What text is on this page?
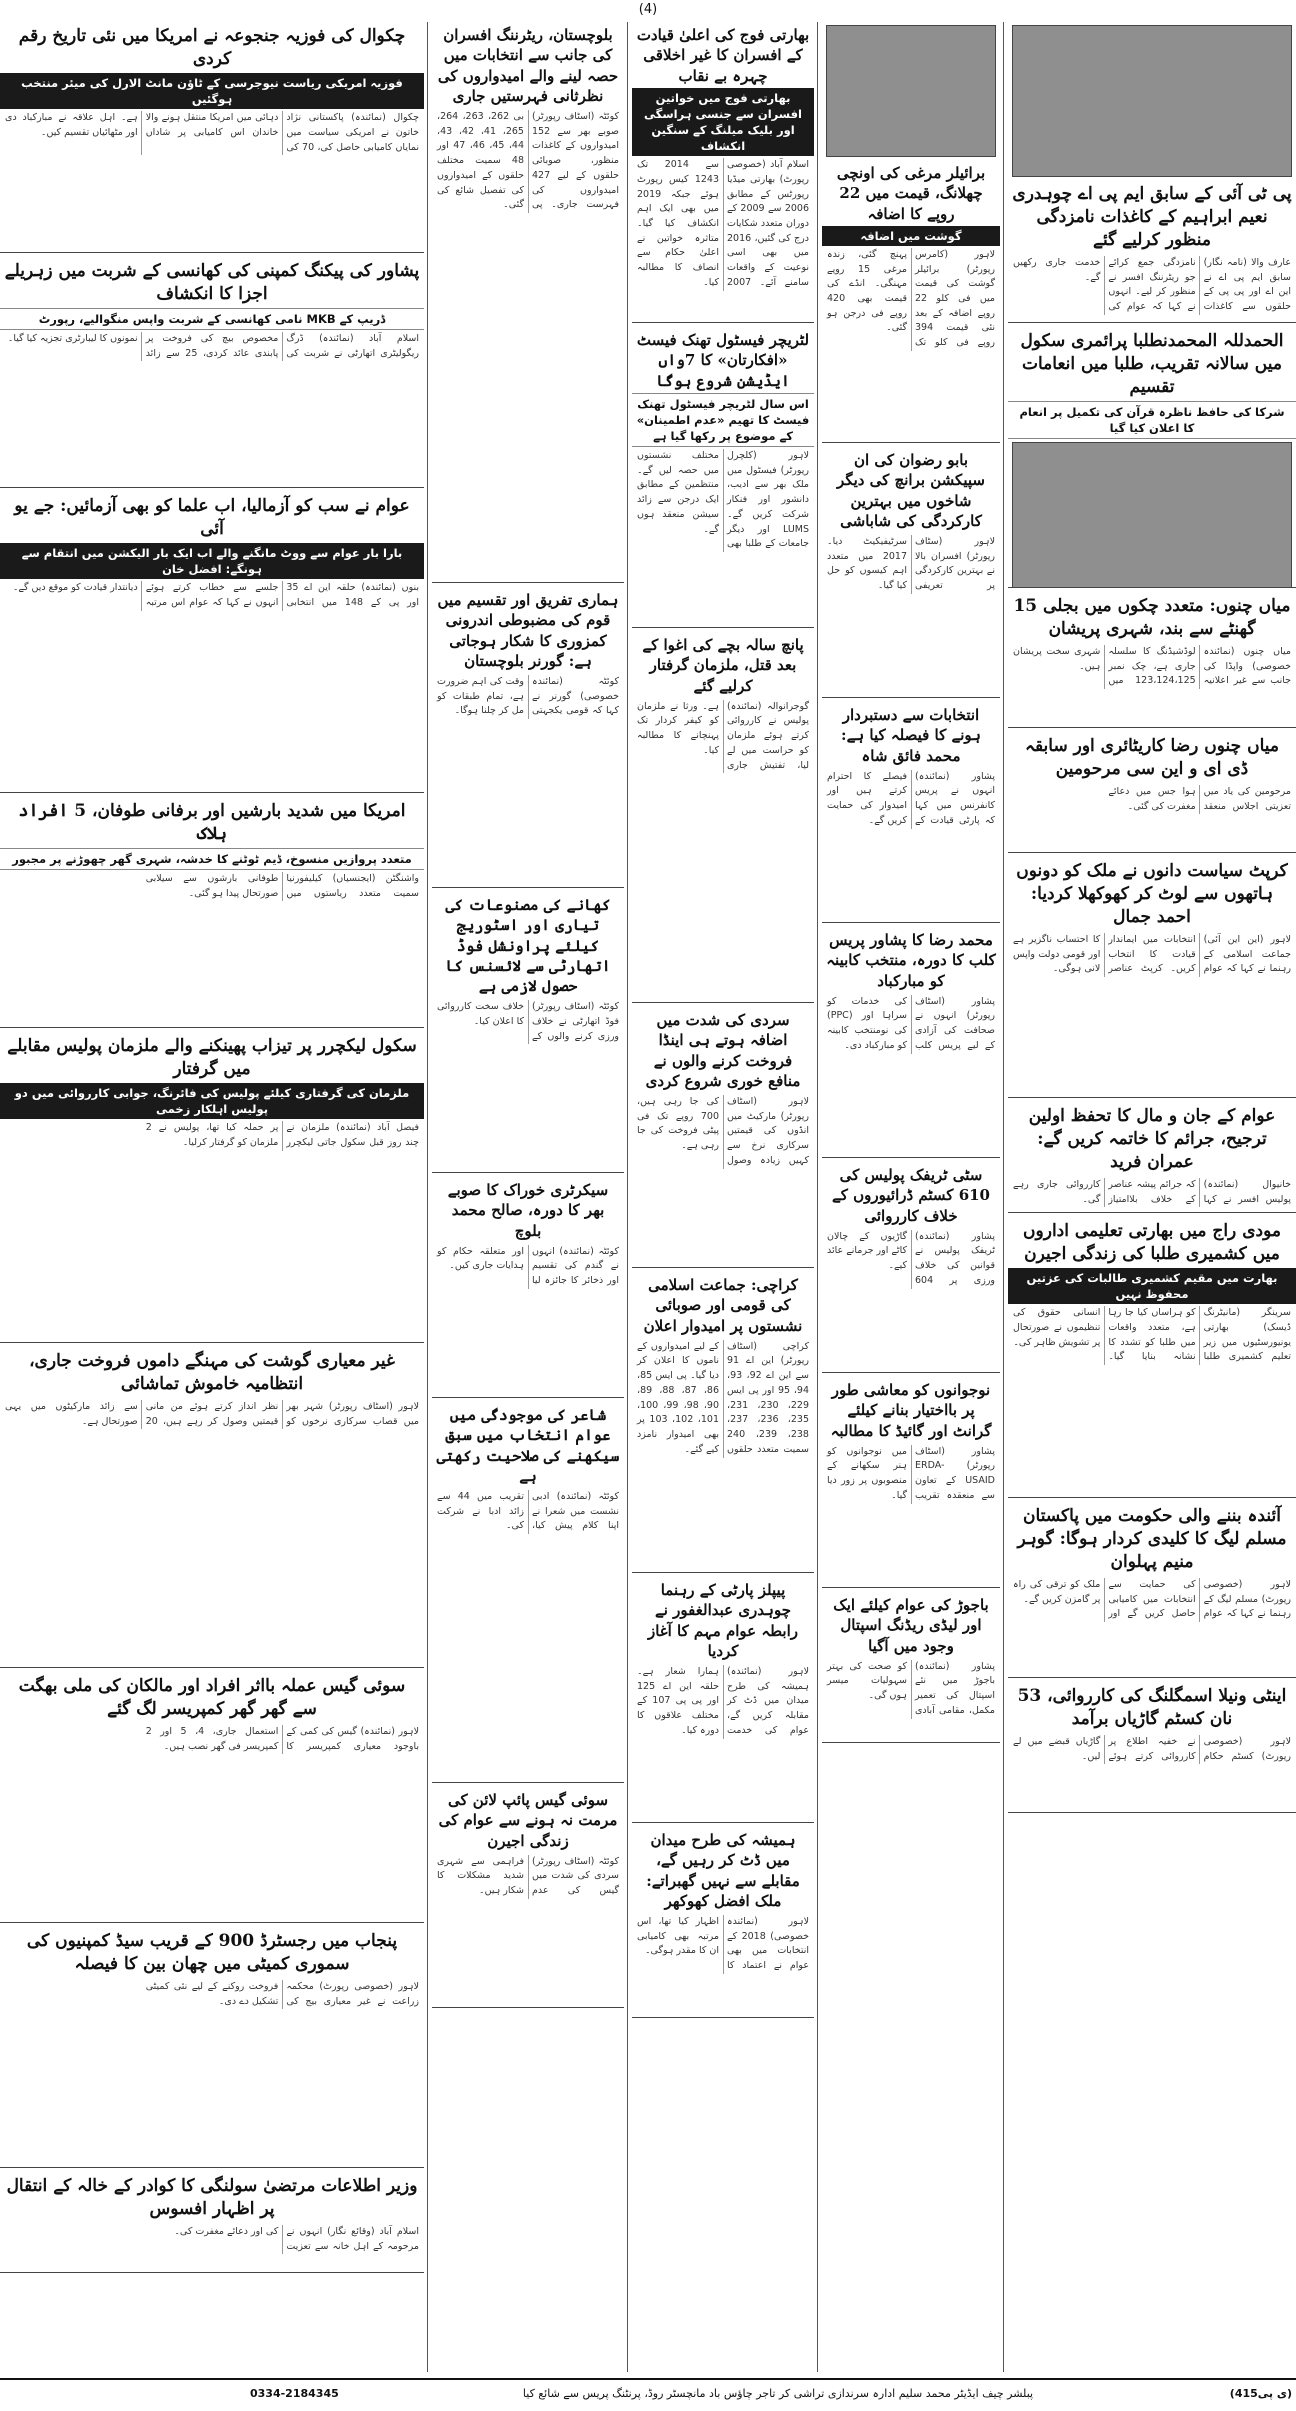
(4)
پی ٹی آئی کے سابق ایم پی اے چوہدری نعیم ابراہیم کے کاغذات نامزدگی منظور کرلیے گئے
عارف والا (نامہ نگار) سابق ایم پی اے نے این اے اور پی پی کے حلقوں سے کاغذات نامزدگی جمع کرائے جو ریٹرننگ افسر نے منظور کر لیے۔ انہوں نے کہا کہ عوام کی خدمت جاری رکھیں گے۔
الحمدللہ المحمدنطلبا پرائمری سکول میں سالانہ تقریب، طلبا میں انعامات تقسیم
شرکا کی حافظ ناظرہ قرآن کی تکمیل پر انعام کا اعلان کیا گیا
میاں چنوں: متعدد چکوں میں بجلی 15 گھنٹے سے بند، شہری پریشان
میاں چنوں (نمائندہ خصوصی) واپڈا کی جانب سے غیر اعلانیہ لوڈشیڈنگ کا سلسلہ جاری ہے، چک نمبر 123،124،125 میں شہری سخت پریشان ہیں۔
میاں چنوں رضا کاریٹائری اور سابقہ ڈی ای و این سی مرحومین
مرحومین کی یاد میں تعزیتی اجلاس منعقد ہوا جس میں دعائے مغفرت کی گئی۔
کرپٹ سیاست دانوں نے ملک کو دونوں ہاتھوں سے لوٹ کر کھوکھلا کردیا: احمد جمال
لاہور (این این آئی) جماعت اسلامی کے رہنما نے کہا کہ عوام انتخابات میں ایماندار قیادت کا انتخاب کریں۔ کرپٹ عناصر کا احتساب ناگزیر ہے اور قومی دولت واپس لانی ہوگی۔
عوام کے جان و مال کا تحفظ اولین ترجیح، جرائم کا خاتمہ کریں گے: عمران فرید
خانیوال (نمائندہ) پولیس افسر نے کہا کہ جرائم پیشہ عناصر کے خلاف بلاامتیاز کارروائی جاری رہے گی۔
مودی راج میں بھارتی تعلیمی اداروں میں کشمیری طلبا کی زندگی اجیرن
بھارت میں مقیم کشمیری طالبات کی عزتیں محفوظ نہیں
سرینگر (مانیٹرنگ ڈیسک) بھارتی یونیورسٹیوں میں زیر تعلیم کشمیری طلبا کو ہراساں کیا جا رہا ہے، متعدد واقعات میں طلبا کو تشدد کا نشانہ بنایا گیا۔ انسانی حقوق کی تنظیموں نے صورتحال پر تشویش ظاہر کی۔
آئندہ بننے والی حکومت میں پاکستان مسلم لیگ کا کلیدی کردار ہوگا: گوہر منیم پہلوان
لاہور (خصوصی رپورٹ) مسلم لیگ کے رہنما نے کہا کہ عوام کی حمایت سے انتخابات میں کامیابی حاصل کریں گے اور ملک کو ترقی کی راہ پر گامزن کریں گے۔
اینٹی ونیلا اسمگلنگ کی کارروائی، 53 نان کسٹم گاڑیاں برآمد
لاہور (خصوصی رپورٹ) کسٹم حکام نے خفیہ اطلاع پر کارروائی کرتے ہوئے گاڑیاں قبضے میں لے لیں۔
برائیلر مرغی کی اونچی چھلانگ، قیمت میں 22 روپے کا اضافہ
گوشت میں اضافہ
لاہور (کامرس رپورٹر) برائیلر گوشت کی قیمت میں فی کلو 22 روپے اضافہ کے بعد نئی قیمت 394 روپے فی کلو تک پہنچ گئی، زندہ مرغی 15 روپے مہنگی۔ انڈے کی قیمت بھی 420 روپے فی درجن ہو گئی۔
بابو رضوان کی ان سپیکشن برانچ کی دیگر شاخوں میں بہترین کارکردگی کی شاباشی
لاہور (سٹاف رپورٹر) افسران بالا نے بہترین کارکردگی پر تعریفی سرٹیفیکیٹ دیا۔ 2017 میں متعدد اہم کیسوں کو حل کیا گیا۔
انتخابات سے دستبردار ہونے کا فیصلہ کیا ہے: محمد فائق شاہ
پشاور (نمائندہ) انہوں نے پریس کانفرنس میں کہا کہ پارٹی قیادت کے فیصلے کا احترام کرتے ہیں اور امیدوار کی حمایت کریں گے۔
محمد رضا کا پشاور پریس کلب کا دورہ، منتخب کابینہ کو مبارکباد
پشاور (اسٹاف رپورٹر) انہوں نے صحافت کی آزادی کے لیے پریس کلب کی خدمات کو سراہا اور (PPC) کی نومنتخب کابینہ کو مبارکباد دی۔
سٹی ٹریفک پولیس کی 610 کسٹم ڈرائیوروں کے خلاف کارروائی
پشاور (نمائندہ) ٹریفک پولیس نے قوانین کی خلاف ورزی پر 604 گاڑیوں کے چالان کاٹے اور جرمانے عائد کیے۔
نوجوانوں کو معاشی طور پر بااختیار بنانے کیلئے گرانٹ اور گائیڈ کا مطالبہ
پشاور (اسٹاف رپورٹر) ERDA-USAID کے تعاون سے منعقدہ تقریب میں نوجوانوں کو ہنر سکھانے کے منصوبوں پر زور دیا گیا۔
باجوڑ کی عوام کیلئے ایک اور لیڈی ریڈنگ اسپتال وجود میں آگیا
پشاور (نمائندہ) باجوڑ میں نئے اسپتال کی تعمیر مکمل، مقامی آبادی کو صحت کی بہتر سہولیات میسر ہوں گی۔
بھارتی فوج کی اعلیٰ قیادت کے افسران کا غیر اخلاقی چہرہ بے نقاب
بھارتی فوج میں خواتین افسران سے جنسی ہراسگی اور بلیک میلنگ کے سنگین انکشاف
اسلام آباد (خصوصی رپورٹ) بھارتی میڈیا رپورٹس کے مطابق 2006 سے 2009 کے دوران متعدد شکایات درج کی گئیں، 2016 میں بھی اسی نوعیت کے واقعات سامنے آئے۔ 2007 سے 2014 تک 1243 کیس رپورٹ ہوئے جبکہ 2019 میں بھی ایک اہم انکشاف کیا گیا۔ متاثرہ خواتین نے اعلیٰ حکام سے انصاف کا مطالبہ کیا۔
لٹریچر فیسٹول تھنک فیسٹ «افکارتان» کا 7واں ایڈیشن شروع ہوگا
اس سال لٹریچر فیسٹول تھنک فیسٹ کا تھیم «عدم اطمینان» کے موضوع پر رکھا گیا ہے
لاہور (کلچرل رپورٹر) فیسٹول میں ملک بھر سے ادیب، دانشور اور فنکار شرکت کریں گے۔ LUMS اور دیگر جامعات کے طلبا بھی مختلف نشستوں میں حصہ لیں گے۔ منتظمین کے مطابق ایک درجن سے زائد سیشن منعقد ہوں گے۔
پانچ سالہ بچے کی اغوا کے بعد قتل، ملزمان گرفتار کرلیے گئے
گوجرانوالہ (نمائندہ) پولیس نے کارروائی کرتے ہوئے ملزمان کو حراست میں لے لیا، تفتیش جاری ہے۔ ورثا نے ملزمان کو کیفر کردار تک پہنچانے کا مطالبہ کیا۔
سردی کی شدت میں اضافہ ہوتے ہی اینڈا فروخت کرنے والوں نے منافع خوری شروع کردی
لاہور (اسٹاف رپورٹر) مارکیٹ میں انڈوں کی قیمتیں سرکاری نرخ سے کہیں زیادہ وصول کی جا رہی ہیں، 700 روپے تک فی پیٹی فروخت کی جا رہی ہے۔
کراچی: جماعت اسلامی کی قومی اور صوبائی نشستوں پر امیدوار اعلان
کراچی (اسٹاف رپورٹر) این اے 91 سے این اے 92، 93، 94، 95 اور پی ایس 229، 230، 231، 235، 236، 237، 238، 239، 240 سمیت متعدد حلقوں کے لیے امیدواروں کے ناموں کا اعلان کر دیا گیا۔ پی ایس 85، 86، 87، 88، 89، 90، 98، 99، 100، 101، 102، 103 پر بھی امیدوار نامزد کیے گئے۔
پیپلز پارٹی کے رہنما چوہدری عبدالغفور نے رابطہ عوام مہم کا آغاز کردیا
لاہور (نمائندہ) ہمیشہ کی طرح میدان میں ڈٹ کر مقابلہ کریں گے، عوام کی خدمت ہمارا شعار ہے۔ حلقہ این اے 125 اور پی پی 107 کے مختلف علاقوں کا دورہ کیا۔
ہمیشہ کی طرح میدان میں ڈٹ کر رہیں گے، مقابلے سے نہیں گھبراتے: ملک افضل کھوکھر
لاہور (نمائندہ خصوصی) 2018 کے انتخابات میں بھی عوام نے اعتماد کا اظہار کیا تھا، اس مرتبہ بھی کامیابی ان کا مقدر ہوگی۔
بلوچستان، ریٹرننگ افسران کی جانب سے انتخابات میں حصہ لینے والے امیدواروں کی نظرثانی فہرستیں جاری
کوئٹہ (اسٹاف رپورٹر) صوبے بھر سے 152 امیدواروں کے کاغذات منظور، صوبائی حلقوں کے لیے 427 امیدواروں کی فہرست جاری۔ پی بی 262، 263، 264، 265، 41، 42، 43، 44، 45، 46، 47 اور 48 سمیت مختلف حلقوں کے امیدواروں کی تفصیل شائع کی گئی۔
ہماری تفریق اور تقسیم میں قوم کی مضبوطی اندرونی کمزوری کا شکار ہوجاتی ہے: گورنر بلوچستان
کوئٹہ (نمائندہ خصوصی) گورنر نے کہا کہ قومی یکجہتی وقت کی اہم ضرورت ہے، تمام طبقات کو مل کر چلنا ہوگا۔
کھانے کی مصنوعات کی تیاری اور اسٹوریج کیلئے پراونشل فوڈ اتھارٹی سے لائسنس کا حصول لازمی ہے
کوئٹہ (اسٹاف رپورٹر) فوڈ اتھارٹی نے خلاف ورزی کرنے والوں کے خلاف سخت کارروائی کا اعلان کیا۔
سیکرٹری خوراک کا صوبے بھر کا دورہ، صالح محمد بلوچ
کوئٹہ (نمائندہ) انہوں نے گندم کی تقسیم اور ذخائر کا جائزہ لیا اور متعلقہ حکام کو ہدایات جاری کیں۔
شاعر کی موجودگی میں عوام انتخاب میں سبق سیکھنے کی صلاحیت رکھتی ہے
کوئٹہ (نمائندہ) ادبی نشست میں شعرا نے اپنا کلام پیش کیا، تقریب میں 44 سے زائد ادبا نے شرکت کی۔
سوئی گیس پائپ لائن کی مرمت نہ ہونے سے عوام کی زندگی اجیرن
کوئٹہ (اسٹاف رپورٹر) سردی کی شدت میں گیس کی عدم فراہمی سے شہری شدید مشکلات کا شکار ہیں۔
چکوال کی فوزیہ جنجوعہ نے امریکا میں نئی تاریخ رقم کردی
فوزیہ امریکی ریاست نیوجرسی کے ٹاؤن مانٹ الارل کی میئر منتخب ہوگئیں
چکوال (نمائندہ) پاکستانی نژاد خاتون نے امریکی سیاست میں نمایاں کامیابی حاصل کی، 70 کی دہائی میں امریکا منتقل ہونے والا خاندان اس کامیابی پر شاداں ہے۔ اہل علاقہ نے مبارکباد دی اور مٹھائیاں تقسیم کیں۔
پشاور کی پیکنگ کمپنی کی کھانسی کے شربت میں زہریلے اجزا کا انکشاف
ڈریپ کے MKB نامی کھانسی کے شربت واپس منگوالیے، رپورٹ
اسلام آباد (نمائندہ) ڈرگ ریگولیٹری اتھارٹی نے شربت کی مخصوص بیچ کی فروخت پر پابندی عائد کردی، 25 سے زائد نمونوں کا لیبارٹری تجزیہ کیا گیا۔
عوام نے سب کو آزمالیا، اب علما کو بھی آزمائیں: جے یو آئی
بارا بار عوام سے ووٹ مانگنے والے اب ایک بار الیکشن میں انتقام سے ہونگے: افضل خان
بنوں (نمائندہ) حلقہ این اے 35 اور پی کے 148 میں انتخابی جلسے سے خطاب کرتے ہوئے انہوں نے کہا کہ عوام اس مرتبہ دیانتدار قیادت کو موقع دیں گے۔
امریکا میں شدید بارشیں اور برفانی طوفان، 5 افراد ہلاک
متعدد پروازیں منسوخ، ڈیم ٹوٹنے کا خدشہ، شہری گھر چھوڑنے پر مجبور
واشنگٹن (ایجنسیاں) کیلیفورنیا سمیت متعدد ریاستوں میں طوفانی بارشوں سے سیلابی صورتحال پیدا ہو گئی۔
سکول لیکچرر پر تیزاب پھینکنے والے ملزمان پولیس مقابلے میں گرفتار
ملزمان کی گرفتاری کیلئے پولیس کی فائرنگ، جوابی کارروائی میں دو پولیس اہلکار زخمی
فیصل آباد (نمائندہ) ملزمان نے چند روز قبل سکول جاتی لیکچرر پر حملہ کیا تھا، پولیس نے 2 ملزمان کو گرفتار کرلیا۔
غیر معیاری گوشت کی مہنگے داموں فروخت جاری، انتظامیہ خاموش تماشائی
لاہور (اسٹاف رپورٹر) شہر بھر میں قصاب سرکاری نرخوں کو نظر انداز کرتے ہوئے من مانی قیمتیں وصول کر رہے ہیں، 20 سے زائد مارکیٹوں میں یہی صورتحال ہے۔
سوئی گیس عملہ بااثر افراد اور مالکان کی ملی بھگت سے گھر گھر کمپریسر لگ گئے
لاہور (نمائندہ) گیس کی کمی کے باوجود معیاری کمپریسر کا استعمال جاری، 4، 5 اور 2 کمپریسر فی گھر نصب ہیں۔
پنجاب میں رجسٹرڈ 900 کے قریب سیڈ کمپنیوں کی سموری کمیٹی میں چھان بین کا فیصلہ
لاہور (خصوصی رپورٹ) محکمہ زراعت نے غیر معیاری بیج کی فروخت روکنے کے لیے نئی کمیٹی تشکیل دے دی۔
وزیر اطلاعات مرتضیٰ سولنگی کا کوادر کے خالہ کے انتقال پر اظہار افسوس
اسلام آباد (وقائع نگار) انہوں نے مرحومہ کے اہل خانہ سے تعزیت کی اور دعائے مغفرت کی۔
(415ی پی)
پبلشر چیف ایڈیٹر محمد سلیم ادارہ سرندازی تراشی کر تاجر چاؤس باد مانچسٹر روڈ، پرنٹنگ پریس سے شائع کیا
0334-2184345
